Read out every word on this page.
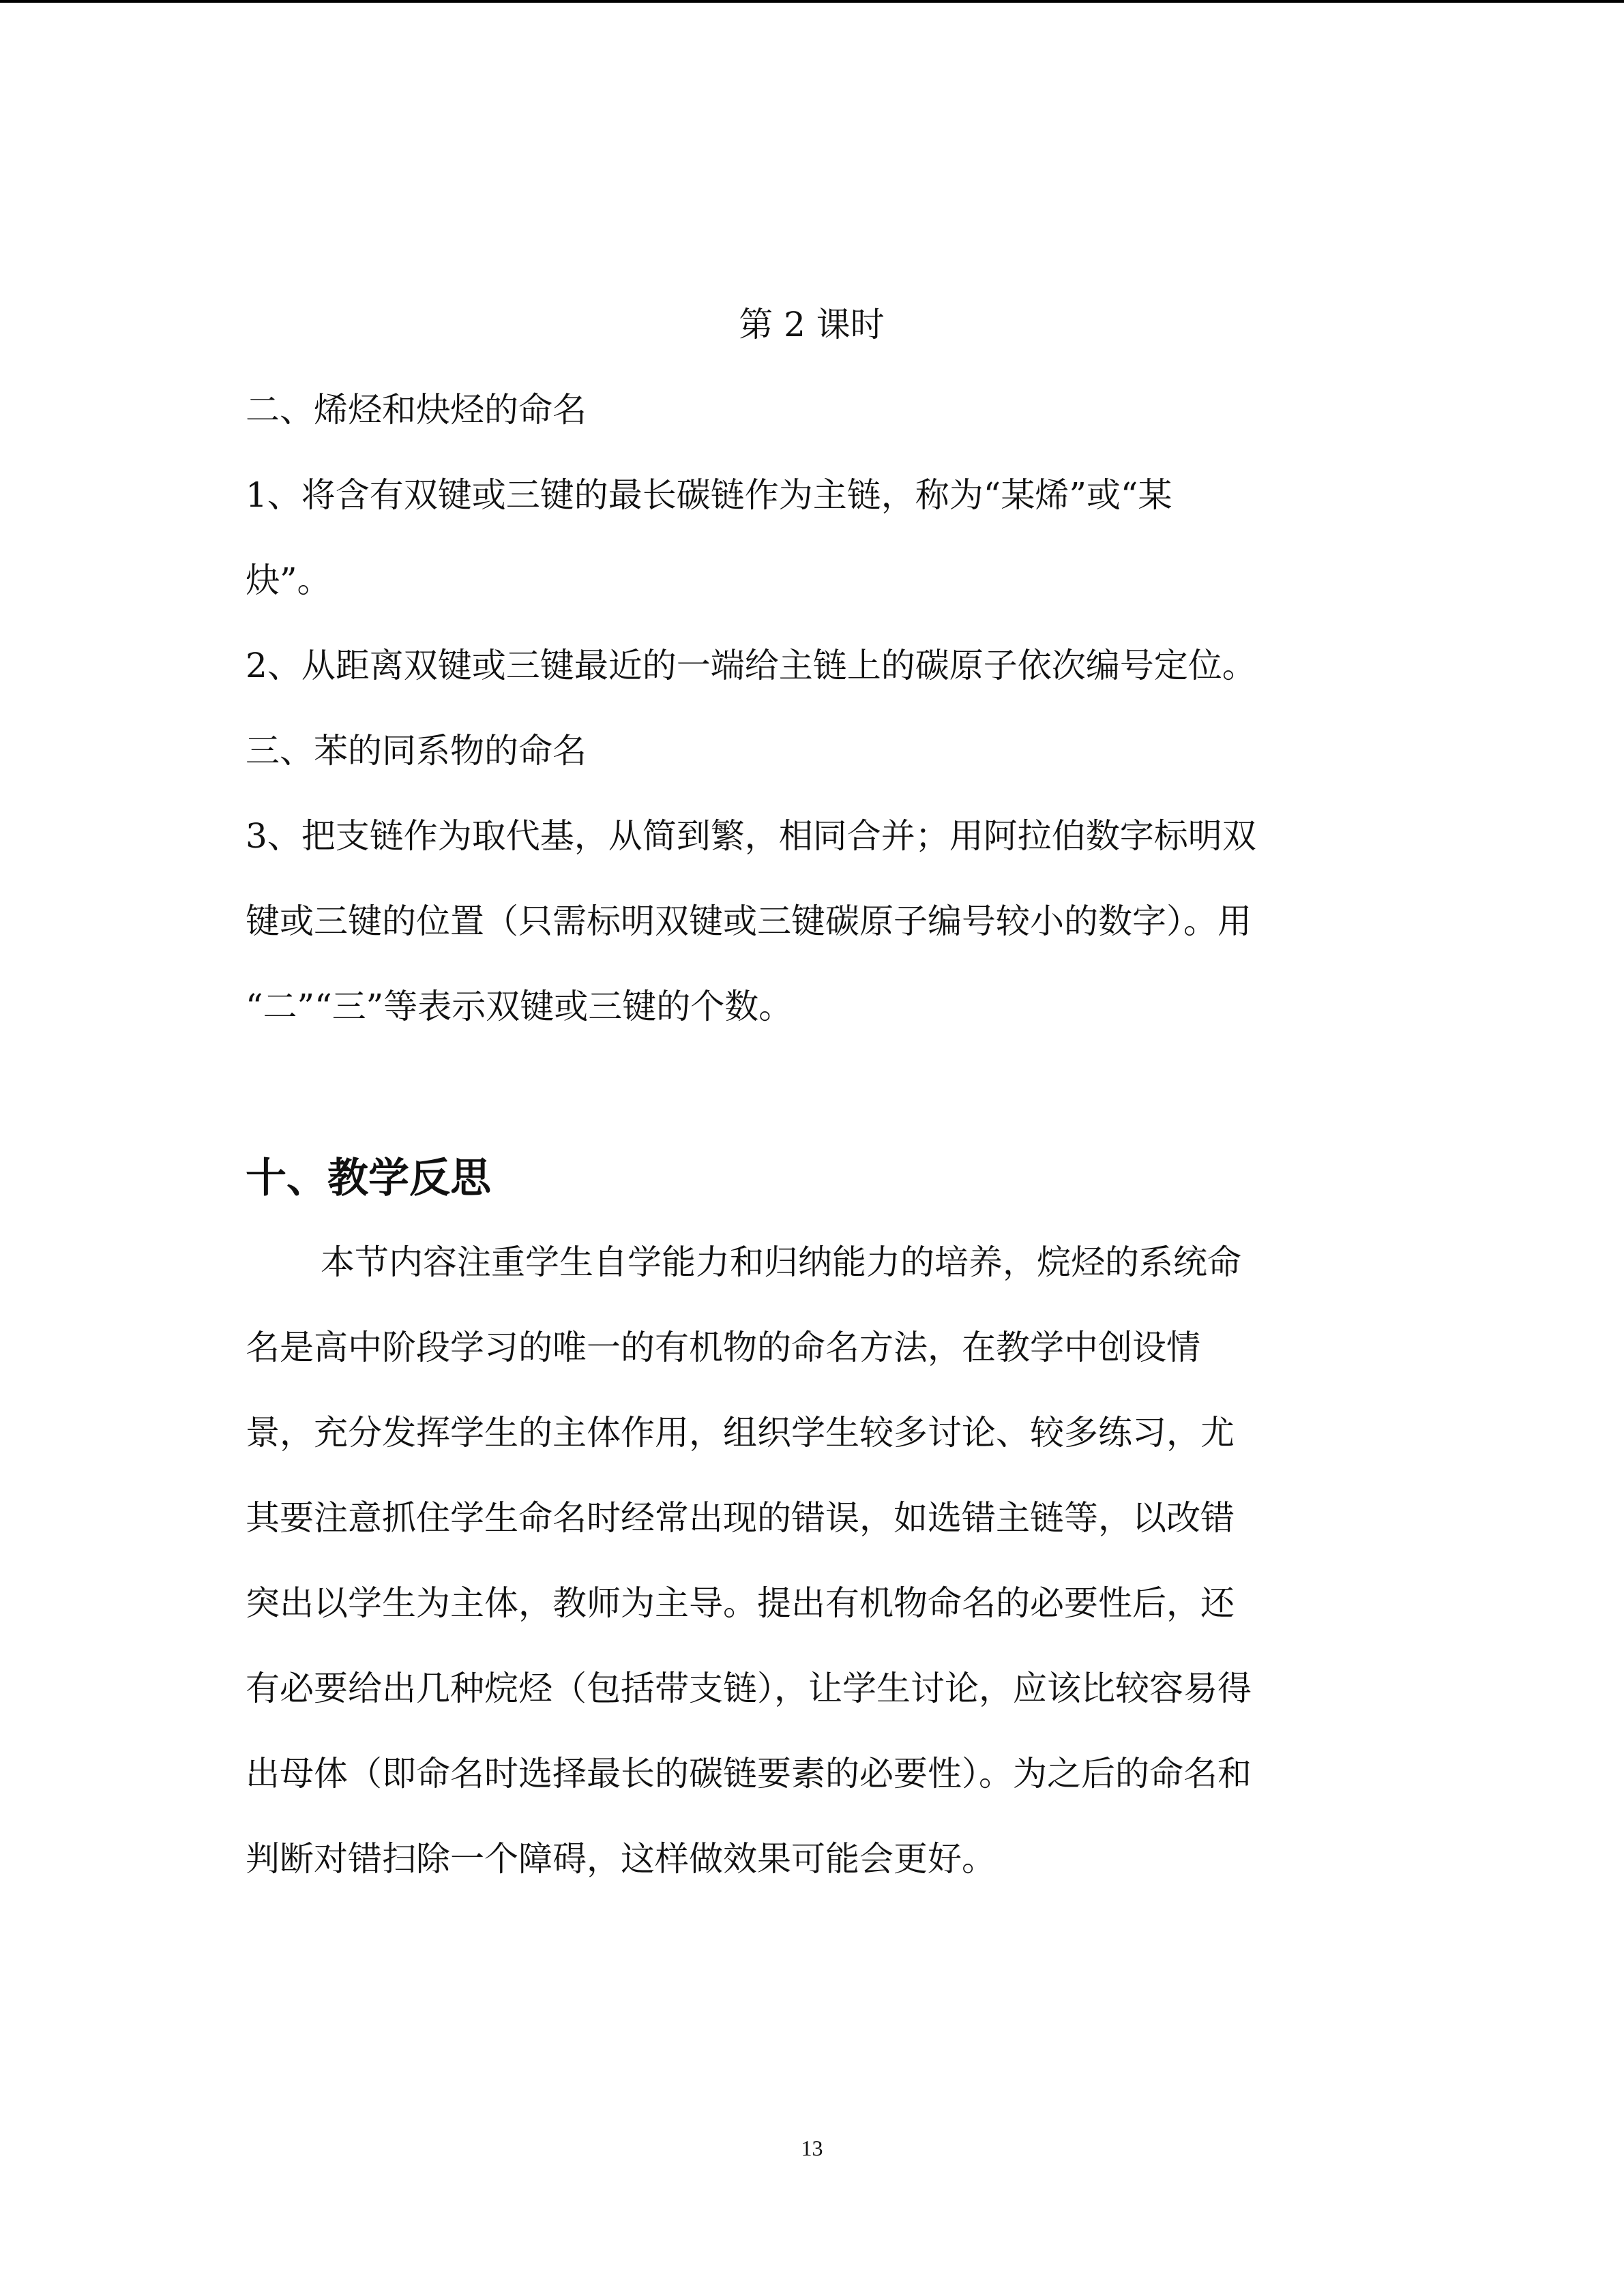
第 2 课时
二、烯烃和炔烃的命名
1、将含有双键或三键的最长碳链作为主链，称为“某烯”或“某
炔”。
2、从距离双键或三键最近的一端给主链上的碳原子依次编号定位。
三、苯的同系物的命名
3、把支链作为取代基，从简到繁，相同合并；用阿拉伯数字标明双
键或三键的位置（只需标明双键或三键碳原子编号较小的数字）。用
“二”“三”等表示双键或三键的个数。
十、教学反思
本节内容注重学生自学能力和归纳能力的培养，烷烃的系统命
名是高中阶段学习的唯一的有机物的命名方法，在教学中创设情
景，充分发挥学生的主体作用，组织学生较多讨论、较多练习，尤
其要注意抓住学生命名时经常出现的错误，如选错主链等，以改错
突出以学生为主体，教师为主导。提出有机物命名的必要性后，还
有必要给出几种烷烃（包括带支链），让学生讨论，应该比较容易得
出母体（即命名时选择最长的碳链要素的必要性）。为之后的命名和
判断对错扫除一个障碍，这样做效果可能会更好。
13
